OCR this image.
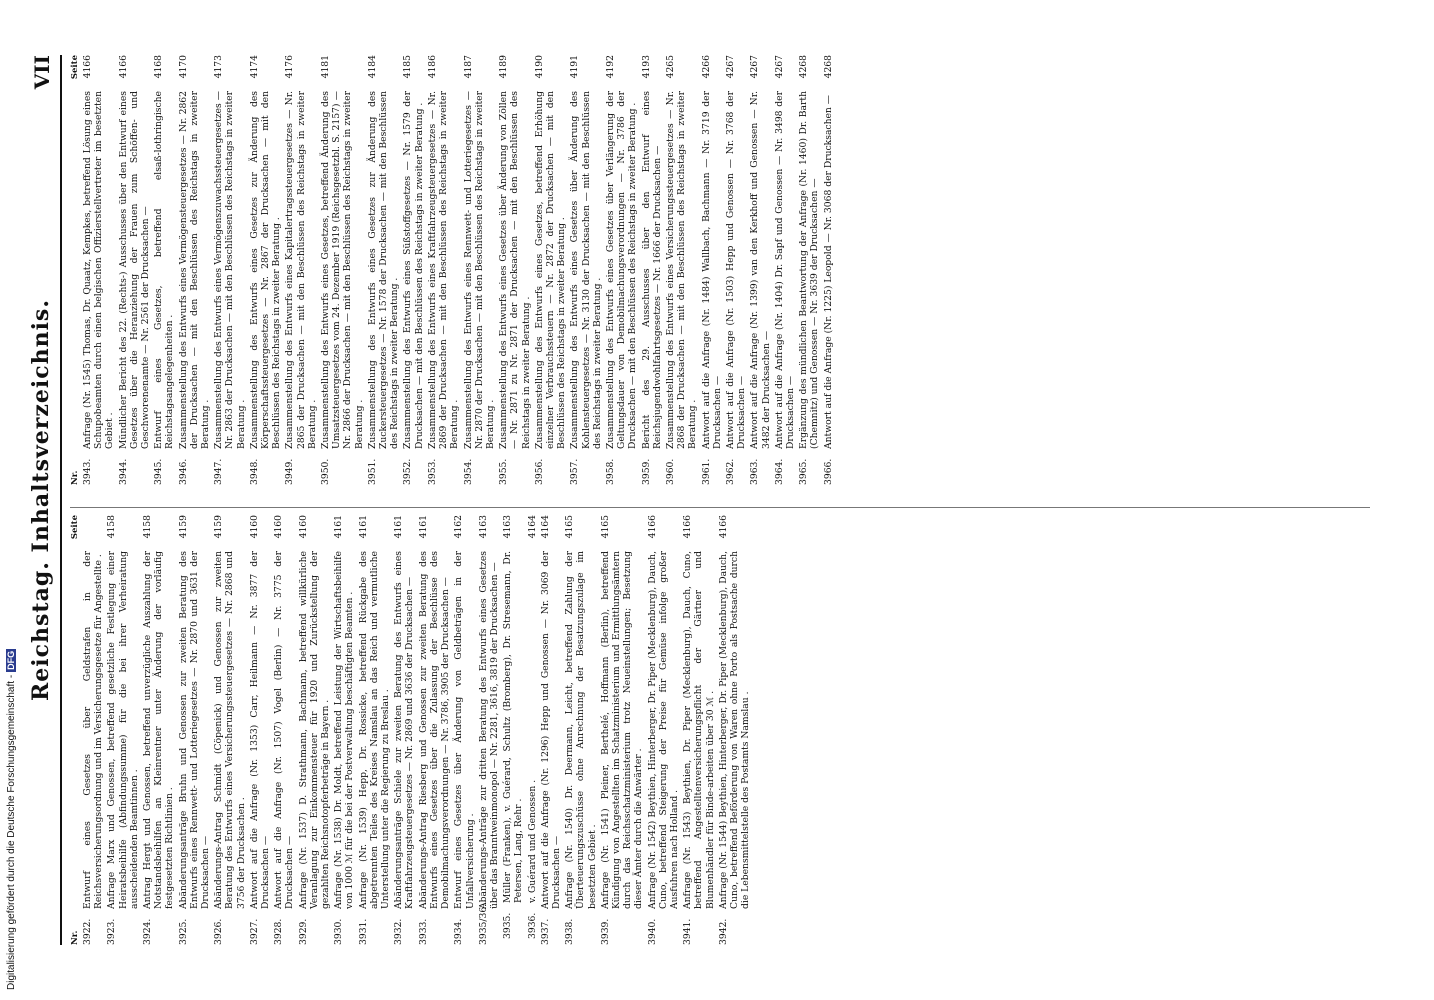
Reichstag. Inhaltsverzeichnis.
VII
Nr.
Seite
3922.
Entwurf eines Gesetzes über Geldstrafen in der Reichsversicherungsordnung und im Versicherungsgesetze für Angestellte .
3923.
Anfrage Marx und Genossen, betreffend gesetzliche Festlegung einer Heiratsbeihilfe (Abfindungssumme) für die bei ihrer Verheiratung ausscheidenden Beamtinnen .
4158
3924.
Antrag Hergt und Genossen, betreffend unverzügliche Auszahlung der Notstandsbeihilfen an Kleinrentner unter Änderung der vorläufig festgesetzten Richtlinien .
4158
3925.
Abänderungsanträge Bruhn und Genossen zur zweiten Beratung des Entwurfs eines Rennwett- und Lotteriegesetzes — Nr. 2870 und 3631 der Drucksachen —
4159
3926.
Abänderungs-Antrag Schmidt (Cöpenick) und Genossen zur zweiten Beratung des Entwurfs eines Versicherungssteuergesetzes — Nr. 2868 und 3756 der Drucksachen .
4159
3927.
Antwort auf die Anfrage (Nr. 1353) Carr, Heilmann — Nr. 3877 der Drucksachen —
4160
3928.
Antwort auf die Anfrage (Nr. 1507) Vogel (Berlin) — Nr. 3775 der Drucksachen —
4160
3929.
Anfrage (Nr. 1537) D. Strathmann, Bachmann, betreffend willkürliche Veranlagung zur Einkommensteuer für 1920 und Zurückstellung der gezahlten Reichsnotopferbeträge in Bayern .
4160
3930.
Anfrage (Nr. 1538) Dr. Moldt, betreffend Leistung der Wirtschaftsbeihilfe von 1000 ℳ für die bei der Postverwaltung beschäftigten Beamten .
4161
3931.
Anfrage (Nr. 1539) Hepp, Dr. Rossicke, betreffend Rückgabe des abgetrennten Teiles des Kreises Namslau an das Reich und vermutliche Unterstellung unter die Regierung zu Breslau .
4161
3932.
Abänderungsanträge Schiele zur zweiten Beratung des Entwurfs eines Kraftfahrzeugsteuergesetzes — Nr. 2869 und 3636 der Drucksachen —
4161
3933.
Abänderungs-Antrag Riesberg und Genossen zur zweiten Beratung des Entwurfs eines Gesetzes über die Zulassung der Beschlüsse des Demobilmachungsverordnungen — Nr. 3786, 3905 der Drucksachen —
4161
3934.
Entwurf eines Gesetzes über Änderung von Geldbeträgen in der Unfallversicherung .
4162
3935/36.
Abänderungs-Anträge zur dritten Beratung des Entwurfs eines Gesetzes über das Branntweinmonopol — Nr. 2281, 3616, 3819 der Drucksachen —
4163
3935.
Müller (Franken), v. Guérard, Schultz (Bromberg), Dr. Stresemann, Dr. Petersen, Lang, Rehr .
4163
3936.
v. Guérard und Genossen .
4164
3937.
Antwort auf die Anfrage (Nr. 1296) Hepp und Genossen — Nr. 3069 der Drucksachen —
4164
3938.
Anfrage (Nr. 1540) Dr. Deermann, Leicht, betreffend Zahlung der Überteuerungszuschüsse ohne Anrechnung der Besatzungszulage im besetzten Gebiet .
4165
3939.
Anfrage (Nr. 1541) Pleiner, Berthelé, Hoffmann (Berlin), betreffend Kündigung von Angestellten im Schatzministerium und Ermittlungsämtern durch das Reichsschatzministerium trotz Neueinstellungen; Besetzung dieser Ämter durch die Anwärter .
4165
3940.
Anfrage (Nr. 1542) Beythien, Hinterberger, Dr. Piper (Mecklenburg), Dauch, Cuno, betreffend Steigerung der Preise für Gemüse infolge großer Ausfuhren nach Holland .
4166
3941.
Anfrage (Nr. 1543) Beythien, Dr. Piper (Mecklenburg), Dauch, Cuno, betreffend Angestelltenversicherungspflicht der Gärtner und Blumenhändler für Binde-arbeiten über 30 ℳ .
4166
3942.
Anfrage (Nr. 1544) Beythien, Hinterberger, Dr. Piper (Mecklenburg), Dauch, Cuno, betreffend Beförderung von Waren ohne Porto als Postsache durch die Lebensmittelstelle des Postamts Namslau .
4166
Nr.
Seite
3943.
Anfrage (Nr. 1545) Thomas, Dr. Quaatz, Kempkes, betreffend Lösung eines Schupobeamten durch einen belgischen Offizierstellvertreter im besetzten Gebiet .
4166
3944.
Mündlicher Bericht des 22. (Rechts-) Ausschusses über den Entwurf eines Gesetzes über die Heranziehung der Frauen zum Schöffen- und Geschworenenamte — Nr. 2561 der Drucksachen —
4166
3945.
Entwurf eines Gesetzes, betreffend elsaß-lothringische Reichstagsangelegenheiten .
4168
3946.
Zusammenstellung des Entwurfs eines Vermögensteuergesetzes — Nr. 2862 der Drucksachen — mit den Beschlüssen des Reichstags in zweiter Beratung .
4170
3947.
Zusammenstellung des Entwurfs eines Vermögenszuwachssteuergesetzes — Nr. 2863 der Drucksachen — mit den Beschlüssen des Reichstags in zweiter Beratung .
4173
3948.
Zusammenstellung des Entwurfs eines Gesetzes zur Änderung des Körperschaftssteuergesetzes — Nr. 2867 der Drucksachen — mit den Beschlüssen des Reichstags in zweiter Beratung .
4174
3949.
Zusammenstellung des Entwurfs eines Kapitalertragssteuergesetzes — Nr. 2865 der Drucksachen — mit den Beschlüssen des Reichstags in zweiter Beratung .
4176
3950.
Zusammenstellung des Entwurfs eines Gesetzes, betreffend Änderung des Umsatzsteuergesetzes vom 24. Dezember 1919 (Reichsgesetzbl. S. 2157) — Nr. 2866 der Drucksachen — mit den Beschlüssen des Reichstags in zweiter Beratung .
4181
3951.
Zusammenstellung des Entwurfs eines Gesetzes zur Änderung des Zuckersteuergesetzes — Nr. 1578 der Drucksachen — mit den Beschlüssen des Reichstags in zweiter Beratung .
4184
3952.
Zusammenstellung des Entwurfs eines Süßstoffgesetzes — Nr. 1579 der Drucksachen — mit den Beschlüssen des Reichstags in zweiter Beratung .
4185
3953.
Zusammenstellung des Entwurfs eines Kraftfahrzeugsteuergesetzes — Nr. 2869 der Drucksachen — mit den Beschlüssen des Reichstags in zweiter Beratung .
4186
3954.
Zusammenstellung des Entwurfs eines Rennwett- und Lotteriegesetzes — Nr. 2870 der Drucksachen — mit den Beschlüssen des Reichstags in zweiter Beratung .
4187
3955.
Zusammenstellung des Entwurfs eines Gesetzes über Änderung von Zöllen — Nr. 2871 zu Nr. 2871 der Drucksachen — mit den Beschlüssen des Reichstags in zweiter Beratung .
4189
3956.
Zusammenstellung des Entwurfs eines Gesetzes, betreffend Erhöhung einzelner Verbrauchssteuern — Nr. 2872 der Drucksachen — mit den Beschlüssen des Reichstags in zweiter Beratung .
4190
3957.
Zusammenstellung des Entwurfs eines Gesetzes über Änderung des Kohlensteuergesetzes — Nr. 3130 der Drucksachen — mit den Beschlüssen des Reichstags in zweiter Beratung .
4191
3958.
Zusammenstellung des Entwurfs eines Gesetzes über Verlängerung der Geltungsdauer von Demobilmachungsverordnungen — Nr. 3786 der Drucksachen — mit den Beschlüssen des Reichstags in zweiter Beratung .
4192
3959.
Bericht des 29. Ausschusses über den Entwurf eines Reichsjugendwohlfahrtsgesetzes — Nr. 1666 der Drucksachen —
4193
3960.
Zusammenstellung des Entwurfs eines Versicherungssteuergesetzes — Nr. 2868 der Drucksachen — mit den Beschlüssen des Reichstags in zweiter Beratung .
4265
3961.
Antwort auf die Anfrage (Nr. 1484) Wallbach, Bachmann — Nr. 3719 der Drucksachen —
4266
3962.
Antwort auf die Anfrage (Nr. 1503) Hepp und Genossen — Nr. 3768 der Drucksachen —
4267
3963.
Antwort auf die Anfrage (Nr. 1399) van den Kerkhoff und Genossen — Nr. 3482 der Drucksachen —
4267
3964.
Antwort auf die Anfrage (Nr. 1404) Dr. Sapf und Genossen — Nr. 3498 der Drucksachen —
4267
3965.
Ergänzung des mündlichen Beantwortung der Anfrage (Nr. 1460) Dr. Barth (Chemnitz) und Genossen — Nr. 3639 der Drucksachen —
4268
3966.
Antwort auf die Anfrage (Nr. 1225) Leopold — Nr. 3068 der Drucksachen —
4268
Digitalisierung gefördert durch die Deutsche Forschungsgemeinschaft -DFG
